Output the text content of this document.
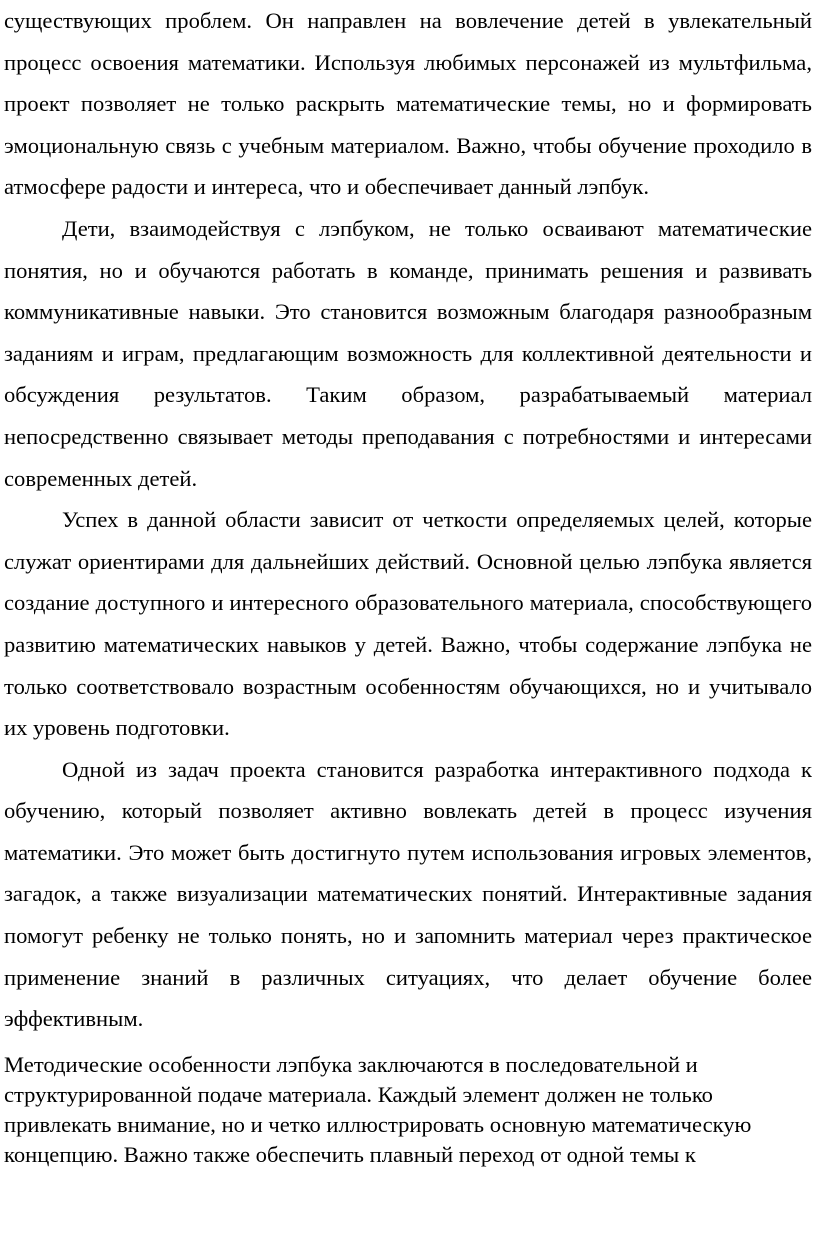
существующих проблем. Он направлен на вовлечение детей в увлекательный процесс освоения математики. Используя любимых персонажей из мультфильма, проект позволяет не только раскрыть математические темы, но и формировать эмоциональную связь с учебным материалом. Важно, чтобы обучение проходило в атмосфере радости и интереса, что и обеспечивает данный лэпбук.

Дети, взаимодействуя с лэпбуком, не только осваивают математические понятия, но и обучаются работать в команде, принимать решения и развивать коммуникативные навыки. Это становится возможным благодаря разнообразным заданиям и играм, предлагающим возможность для коллективной деятельности и обсуждения результатов. Таким образом, разрабатываемый материал непосредственно связывает методы преподавания с потребностями и интересами современных детей.

Успех в данной области зависит от четкости определяемых целей, которые служат ориентирами для дальнейших действий. Основной целью лэпбука является создание доступного и интересного образовательного материала, способствующего развитию математических навыков у детей. Важно, чтобы содержание лэпбука не только соответствовало возрастным особенностям обучающихся, но и учитывало их уровень подготовки.

Одной из задач проекта становится разработка интерактивного подхода к обучению, который позволяет активно вовлекать детей в процесс изучения математики. Это может быть достигнуто путем использования игровых элементов, загадок, а также визуализации математических понятий. Интерактивные задания помогут ребенку не только понять, но и запомнить материал через практическое применение знаний в различных ситуациях, что делает обучение более эффективным.

Методические особенности лэпбука заключаются в последовательной и структурированной подаче материала. Каждый элемент должен не только привлекать внимание, но и четко иллюстрировать основную математическую концепцию. Важно также обеспечить плавный переход от одной темы к
